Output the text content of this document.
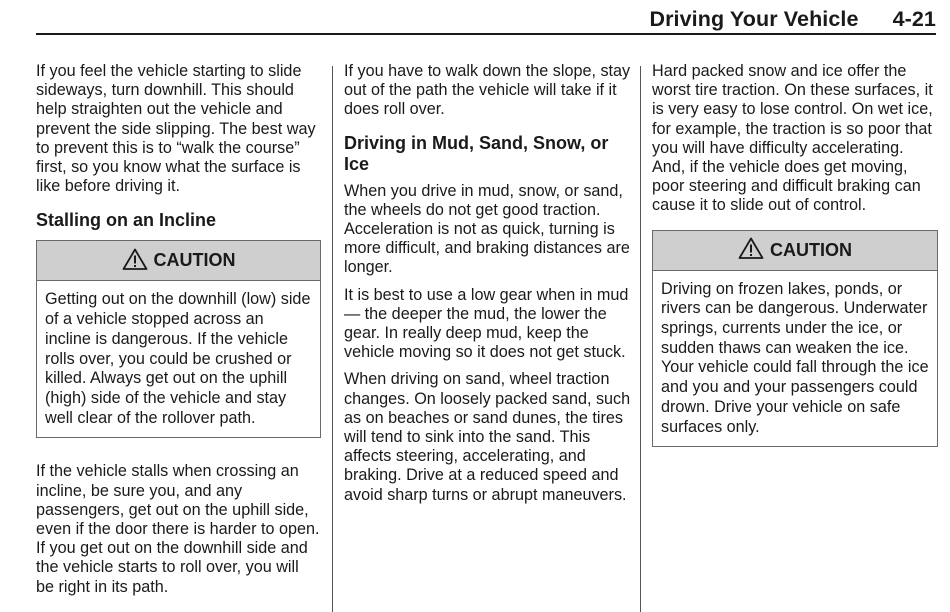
Driving Your Vehicle 4-21

If you feel the vehicle starting to slide sideways, turn downhill. This should help straighten out the vehicle and prevent the side slipping. The best way to prevent this is to “walk the course” first, so you know what the surface is like before driving it.

Stalling on an Incline
CAUTION
Getting out on the downhill (low) side of a vehicle stopped across an incline is dangerous. If the vehicle rolls over, you could be crushed or killed. Always get out on the uphill (high) side of the vehicle and stay well clear of the rollover path.

If the vehicle stalls when crossing an incline, be sure you, and any passengers, get out on the uphill side, even if the door there is harder to open. If you get out on the downhill side and the vehicle starts to roll over, you will be right in its path.

If you have to walk down the slope, stay out of the path the vehicle will take if it does roll over.

Driving in Mud, Sand, Snow, or Ice

When you drive in mud, snow, or sand, the wheels do not get good traction. Acceleration is not as quick, turning is more difficult, and braking distances are longer.

It is best to use a low gear when in mud — the deeper the mud, the lower the gear. In really deep mud, keep the vehicle moving so it does not get stuck.

When driving on sand, wheel traction changes. On loosely packed sand, such as on beaches or sand dunes, the tires will tend to sink into the sand. This affects steering, accelerating, and braking. Drive at a reduced speed and avoid sharp turns or abrupt maneuvers.

Hard packed snow and ice offer the worst tire traction. On these surfaces, it is very easy to lose control. On wet ice, for example, the traction is so poor that you will have difficulty accelerating. And, if the vehicle does get moving, poor steering and difficult braking can cause it to slide out of control.

CAUTION
Driving on frozen lakes, ponds, or rivers can be dangerous. Underwater springs, currents under the ice, or sudden thaws can weaken the ice. Your vehicle could fall through the ice and you and your passengers could drown. Drive your vehicle on safe surfaces only.
